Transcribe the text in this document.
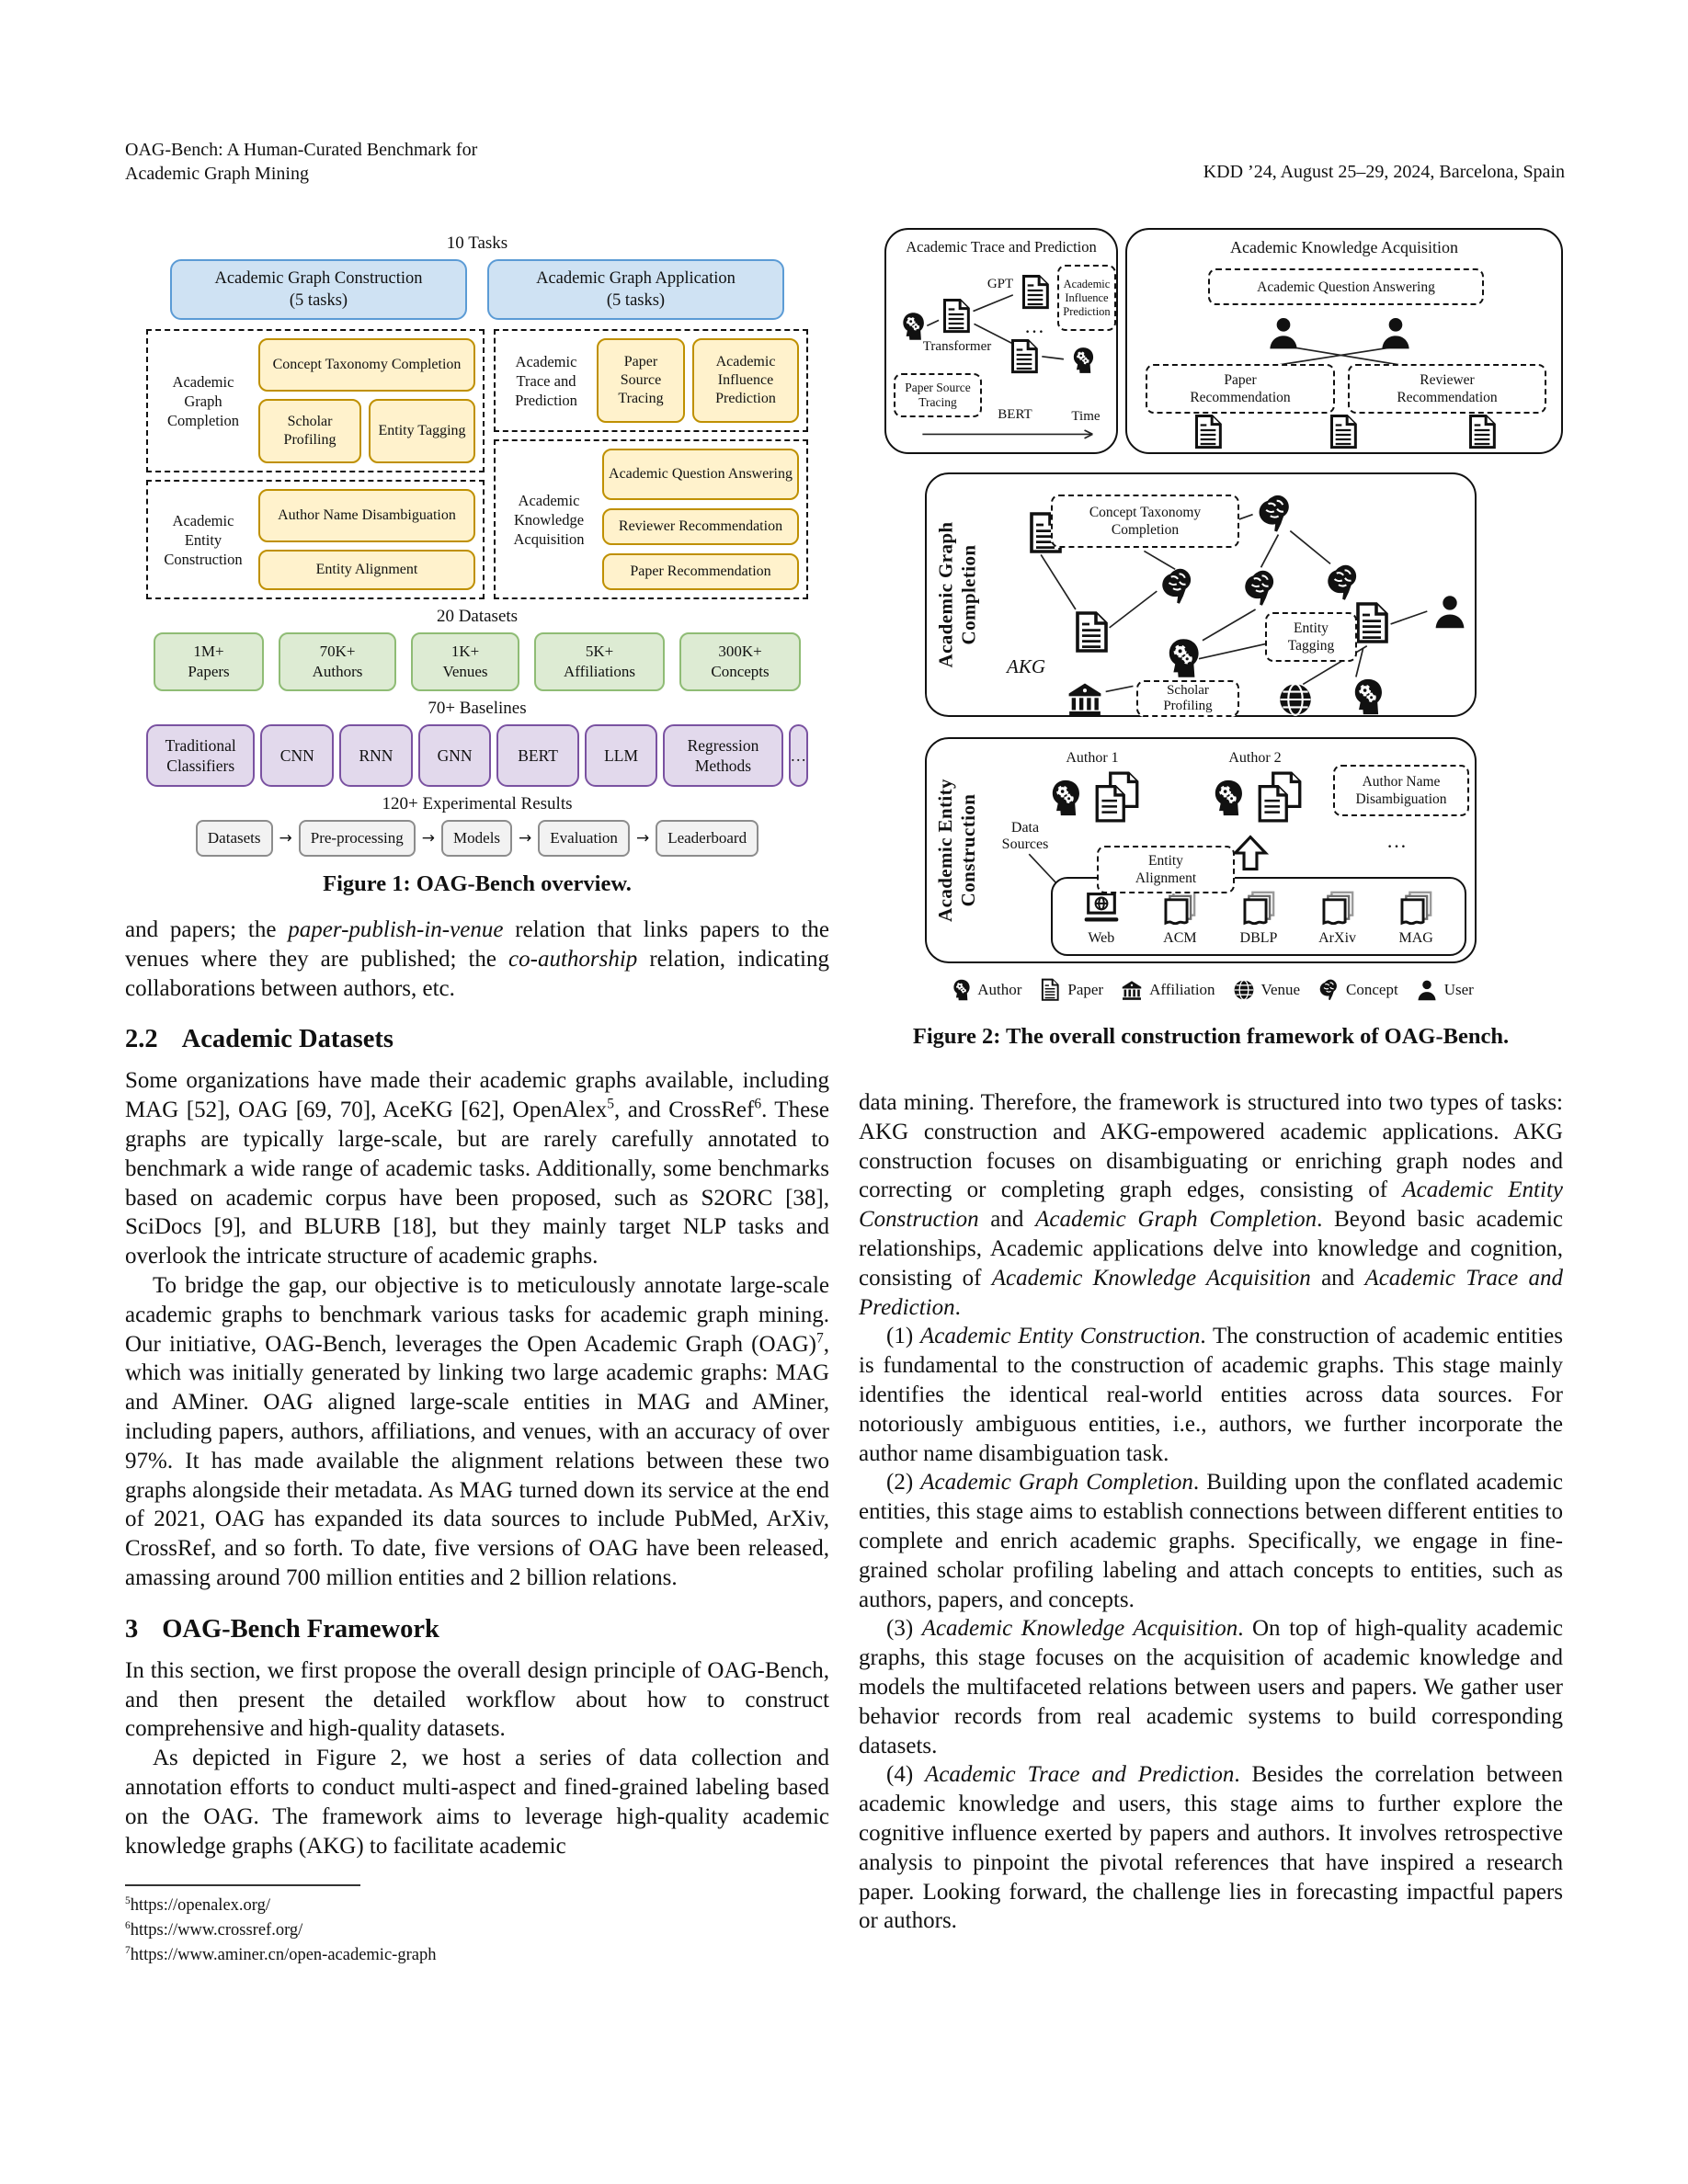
OAG-Bench: A Human-Curated Benchmark for
Academic Graph Mining	KDD ’24, August 25–29, 2024, Barcelona, Spain
10 Tasks
Academic Graph Construction
(5 tasks)
Academic Graph Application
(5 tasks)
Academic Graph Completion
Concept Taxonomy Completion
Scholar Profiling
Entity Tagging
Academic Entity Construction
Author Name Disambiguation
Entity Alignment
Academic Trace and Prediction
Paper Source Tracing
Academic Influence Prediction
Academic Knowledge Acquisition
Academic Question Answering
Reviewer Recommendation
Paper Recommendation
20 Datasets
1M+
Papers
70K+
Authors
1K+
Venues
5K+
Affiliations
300K+
Concepts
70+ Baselines
Traditional Classifiers
CNN	RNN	GNN	BERT	LLM
Regression Methods
…
120+ Experimental Results
Datasets	→	Pre-processing	→	Models	→	Evaluation	→	Leaderboard
Figure 1: OAG-Bench overview.

and papers; the paper-publish-in-venue relation that links papers to the venues where they are published; the co-authorship relation, indicating collaborations between authors, etc.

2.2 Academic Datasets

Some organizations have made their academic graphs available, including MAG [52], OAG [69, 70], AceKG [62], OpenAlex$^5$, and CrossRef$^6$. These graphs are typically large-scale, but are rarely carefully annotated to benchmark a wide range of academic tasks. Additionally, some benchmarks based on academic corpus have been proposed, such as S2ORC [38], SciDocs [9], and BLURB [18], but they mainly target NLP tasks and overlook the intricate structure of academic graphs.

To bridge the gap, our objective is to meticulously annotate large-scale academic graphs to benchmark various tasks for academic graph mining. Our initiative, OAG-Bench, leverages the Open Academic Graph (OAG)$^7$, which was initially generated by linking two large academic graphs: MAG and AMiner. OAG aligned large-scale entities in MAG and AMiner, including papers, authors, affiliations, and venues, with an accuracy of over 97%. It has made available the alignment relations between these two graphs alongside their metadata. As MAG turned down its service at the end of 2021, OAG has expanded its data sources to include PubMed, ArXiv, CrossRef, and so forth. To date, five versions of OAG have been released, amassing around 700 million entities and 2 billion relations.

3 OAG-Bench Framework

In this section, we first propose the overall design principle of OAG-Bench, and then present the detailed workflow about how to construct comprehensive and high-quality datasets.

As depicted in Figure 2, we host a series of data collection and annotation efforts to conduct multi-aspect and fined-grained labeling based on the OAG. The framework aims to leverage high-quality academic knowledge graphs (AKG) to facilitate academic

$^5$https://openalex.org/
$^6$https://www.crossref.org/
$^7$https://www.aminer.cn/open-academic-graph
Academic Trace and Prediction
Transformer
GPT	Academic
Influence
Prediction
…
BERT
Paper Source
Tracing
Time
Academic Knowledge Acquisition
Academic Question Answering
Paper
Recommendation
Reviewer
Recommendation
Academic Graph Completion
AKG
Concept Taxonomy
Completion
Entity
Tagging
Scholar
Profiling
Academic Entity Construction
Author 1	Author 2
Author Name
Disambiguation
…
Data
Sources
Web	ACM	DBLP	ArXiv	MAG
Entity
Alignment
Author	Paper	Affiliation	Venue	Concept	User
Figure 2: The overall construction framework of OAG-Bench.

data mining. Therefore, the framework is structured into two types of tasks: AKG construction and AKG-empowered academic applications. AKG construction focuses on disambiguating or enriching graph nodes and correcting or completing graph edges, consisting of Academic Entity Construction and Academic Graph Completion. Beyond basic academic relationships, Academic applications delve into knowledge and cognition, consisting of Academic Knowledge Acquisition and Academic Trace and Prediction.

(1) Academic Entity Construction. The construction of academic entities is fundamental to the construction of academic graphs. This stage mainly identifies the identical real-world entities across data sources. For notoriously ambiguous entities, i.e., authors, we further incorporate the author name disambiguation task.

(2) Academic Graph Completion. Building upon the conflated academic entities, this stage aims to establish connections between different entities to complete and enrich academic graphs. Specifically, we engage in fine-grained scholar profiling labeling and attach concepts to entities, such as authors, papers, and concepts.

(3) Academic Knowledge Acquisition. On top of high-quality academic graphs, this stage focuses on the acquisition of academic knowledge and models the multifaceted relations between users and papers. We gather user behavior records from real academic systems to build corresponding datasets.

(4) Academic Trace and Prediction. Besides the correlation between academic knowledge and users, this stage aims to further explore the cognitive influence exerted by papers and authors. It involves retrospective analysis to pinpoint the pivotal references that have inspired a research paper. Looking forward, the challenge lies in forecasting impactful papers or authors.
